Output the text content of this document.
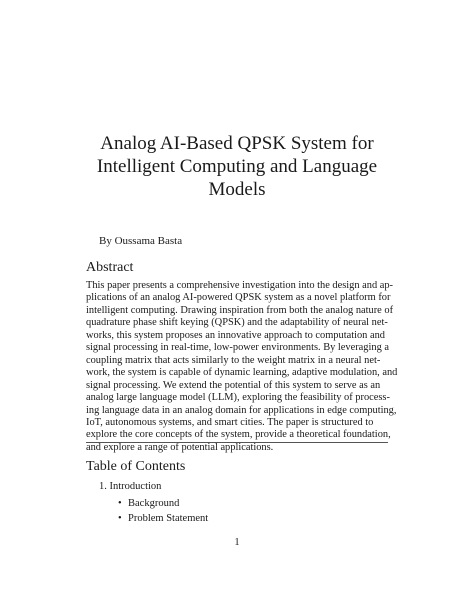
Analog AI-Based QPSK System for
Intelligent Computing and Language
Models
By Oussama Basta
Abstract
This paper presents a comprehensive investigation into the design and ap-
plications of an analog AI-powered QPSK system as a novel platform for
intelligent computing. Drawing inspiration from both the analog nature of
quadrature phase shift keying (QPSK) and the adaptability of neural net-
works, this system proposes an innovative approach to computation and
signal processing in real-time, low-power environments. By leveraging a
coupling matrix that acts similarly to the weight matrix in a neural net-
work, the system is capable of dynamic learning, adaptive modulation, and
signal processing. We extend the potential of this system to serve as an
analog large language model (LLM), exploring the feasibility of process-
ing language data in an analog domain for applications in edge computing,
IoT, autonomous systems, and smart cities. The paper is structured to
explore the core concepts of the system, provide a theoretical foundation,
and explore a range of potential applications.
Table of Contents
1. Introduction
• Background
• Problem Statement
1
